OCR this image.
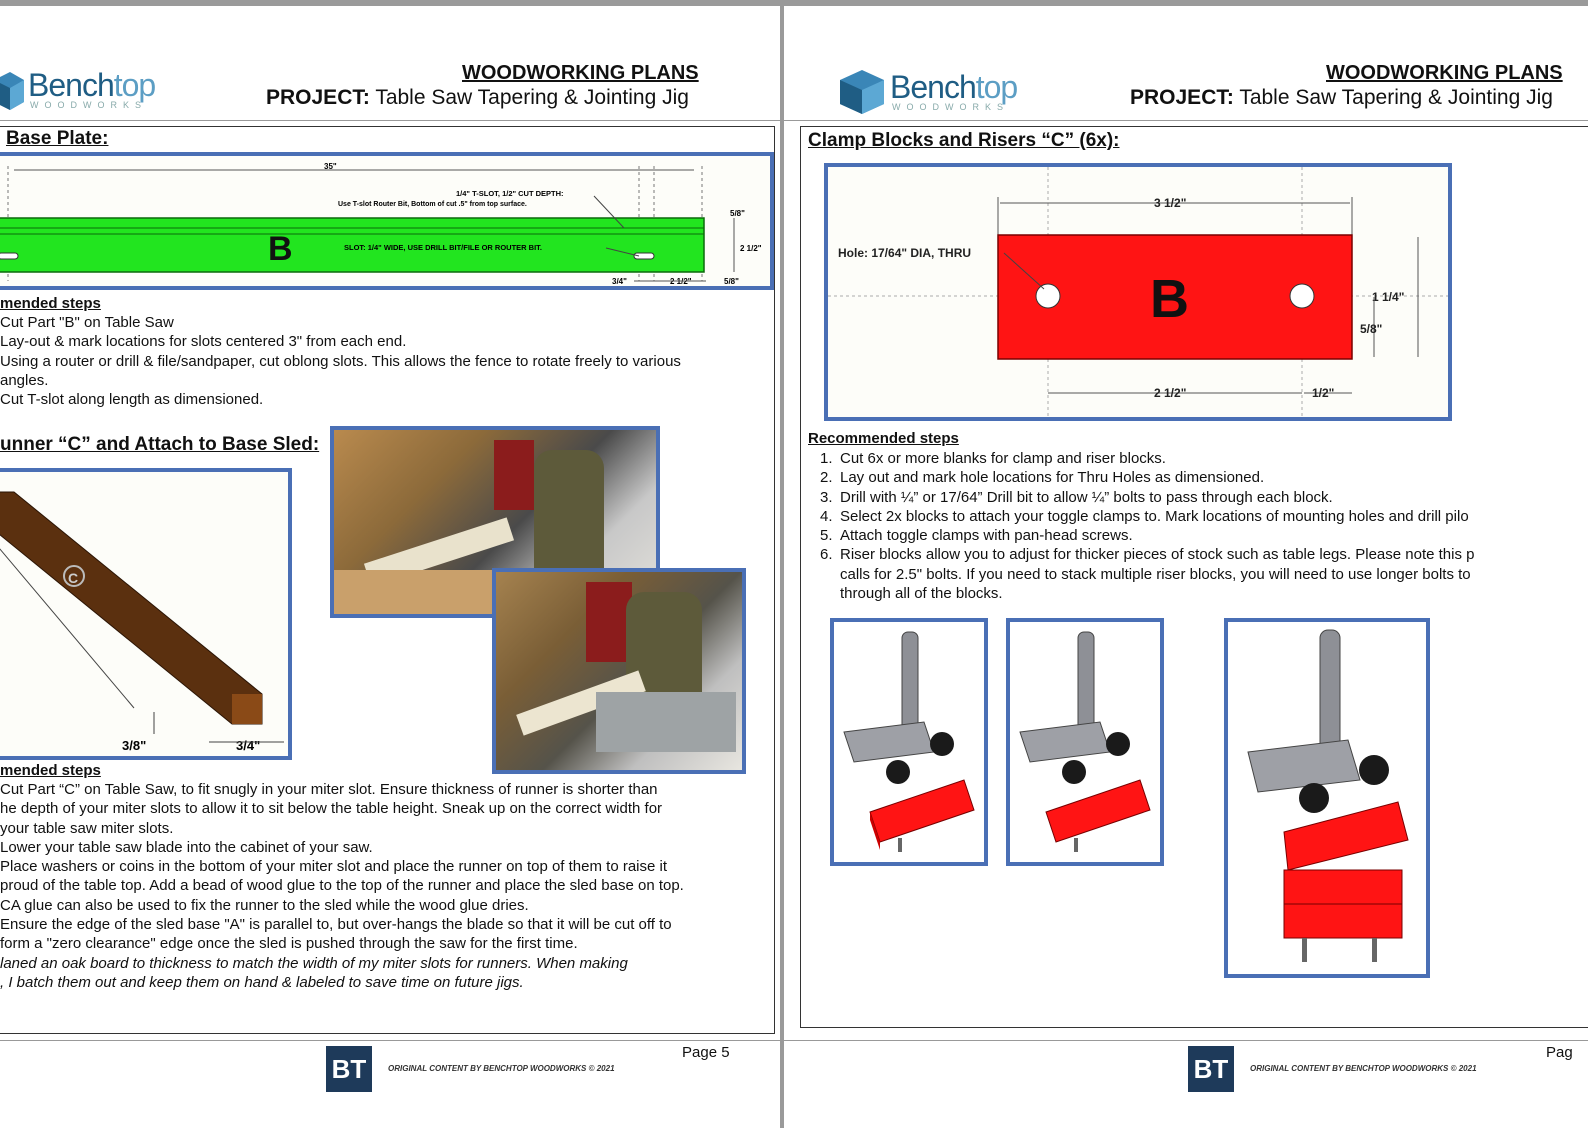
Benchtop
WOODWORKS
WOODWORKING PLANS
PROJECT: Table Saw Tapering & Jointing Jig
Base Plate:
35"
B	SLOT: 1/4" WIDE, USE DRILL BIT/FILE OR ROUTER BIT.
1/4" T-SLOT, 1/2" CUT DEPTH:
Use T-slot Router Bit, Bottom of cut .5" from top surface.
5/8"
2 1/2"
3/4"	2 1/2"	5/8"
mended steps
Cut Part "B" on Table Saw
Lay-out & mark locations for slots centered 3" from each end.
Using a router or drill & file/sandpaper, cut oblong slots. This allows the fence to rotate freely to various
angles.
Cut T-slot along length as dimensioned.
unner “C” and Attach to Base Sled:
C
3/8"	3/4"
mended steps
Cut Part “C” on Table Saw, to fit snugly in your miter slot. Ensure thickness of runner is shorter than
he depth of your miter slots to allow it to sit below the table height. Sneak up on the correct width for
your table saw miter slots.
Lower your table saw blade into the cabinet of your saw.
Place washers or coins in the bottom of your miter slot and place the runner on top of them to raise it
proud of the table top. Add a bead of wood glue to the top of the runner and place the sled base on top.
CA glue can also be used to fix the runner to the sled while the wood glue dries.
Ensure the edge of the sled base "A" is parallel to, but over-hangs the blade so that it will be cut off to
form a "zero clearance" edge once the sled is pushed through the saw for the first time.
laned an oak board to thickness to match the width of my miter slots for runners. When making
, I batch them out and keep them on hand & labeled to save time on future jigs.
BT	ORIGINAL CONTENT BY BENCHTOP WOODWORKS © 2021
Page 5
Benchtop
WOODWORKS
WOODWORKING PLANS
PROJECT: Table Saw Tapering & Jointing Jig
Clamp Blocks and Risers “C” (6x):
3 1/2"
B
Hole: 17/64" DIA, THRU
1 1/4"
5/8"
2 1/2"	1/2"
Recommended steps
1. Cut 6x or more blanks for clamp and riser blocks.
2. Lay out and mark hole locations for Thru Holes as dimensioned.
3. Drill with ¼” or 17/64” Drill bit to allow ¼” bolts to pass through each block.
4. Select 2x blocks to attach your toggle clamps to. Mark locations of mounting holes and drill pilo
5. Attach toggle clamps with pan-head screws.
6. Riser blocks allow you to adjust for thicker pieces of stock such as table legs. Please note this p
calls for 2.5" bolts. If you need to stack multiple riser blocks, you will need to use longer bolts to
through all of the blocks.
BT	ORIGINAL CONTENT BY BENCHTOP WOODWORKS © 2021
Pag
